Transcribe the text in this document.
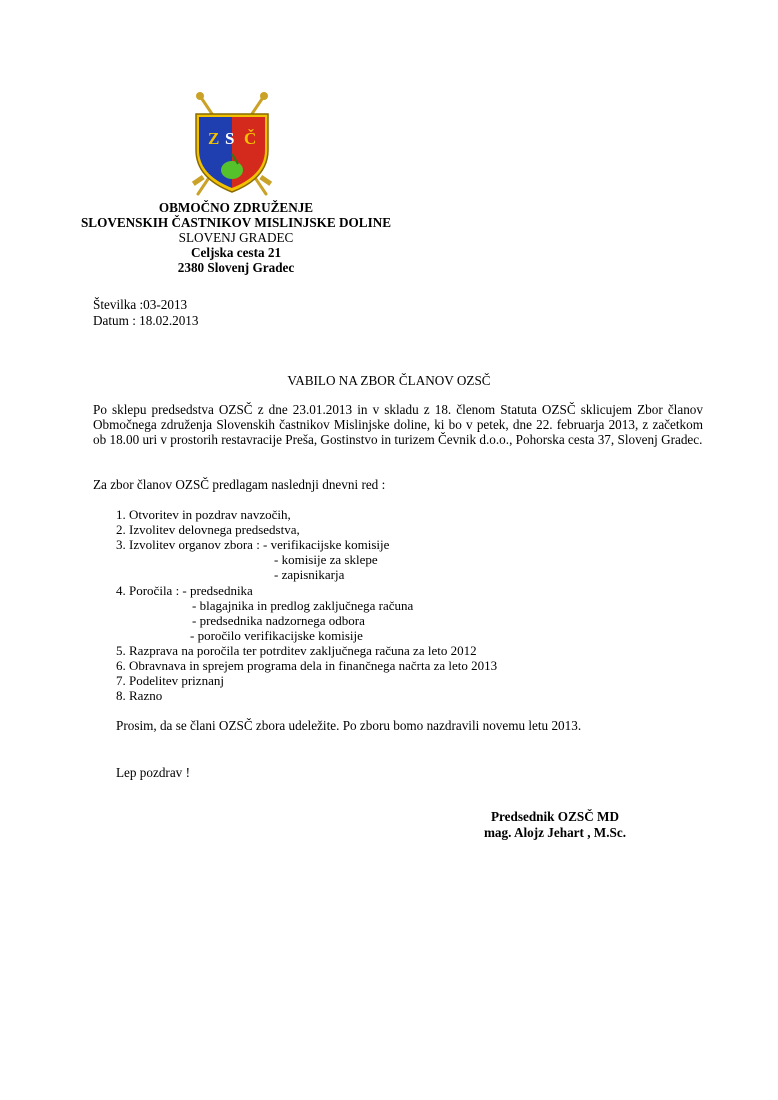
Z S Č
OBMOČNO ZDRUŽENJE
SLOVENSKIH ČASTNIKOV MISLINJSKE DOLINE
SLOVENJ GRADEC
Celjska cesta 21
2380 Slovenj Gradec
Številka :03-2013
Datum : 18.02.2013
VABILO NA ZBOR ČLANOV OZSČ
Po sklepu predsedstva OZSČ z dne 23.01.2013 in v skladu z 18. členom Statuta OZSČ sklicujem Zbor članov Območnega združenja Slovenskih častnikov Mislinjske doline, ki bo v petek, dne 22. februarja 2013, z začetkom ob 18.00 uri v prostorih restavracije Preša, Gostinstvo in turizem Čevnik d.o.o., Pohorska cesta 37, Slovenj Gradec.
Za zbor članov OZSČ predlagam naslednji dnevni red :
1. Otvoritev in pozdrav navzočih,
2. Izvolitev delovnega predsedstva,
3. Izvolitev organov zbora : - verifikacijske komisije
- komisije za sklepe
- zapisnikarja
4. Poročila : - predsednika
- blagajnika in predlog zaključnega računa
- predsednika nadzornega odbora
- poročilo verifikacijske komisije
5. Razprava na poročila ter potrditev zaključnega računa za leto 2012
6. Obravnava in sprejem programa dela in finančnega načrta za leto 2013
7. Podelitev priznanj
8. Razno
Prosim, da se člani OZSČ zbora udeležite. Po zboru bomo nazdravili novemu letu 2013.
Lep pozdrav !
Predsednik OZSČ MD
mag. Alojz Jehart , M.Sc.
